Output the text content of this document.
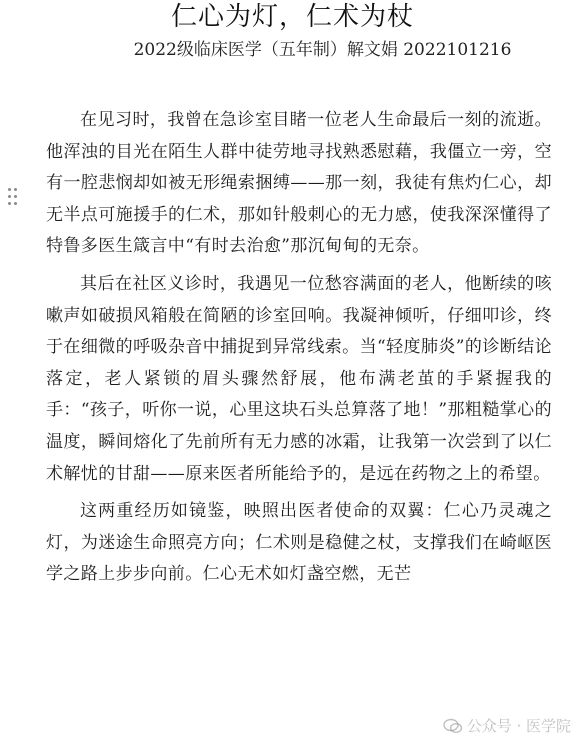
仁心为灯，仁术为杖
2022级临床医学（五年制）解文娟 2022101216

在见习时，我曾在急诊室目睹一位老人生命最后一刻的流逝。他浑浊的目光在陌生人群中徒劳地寻找熟悉慰藉，我僵立一旁，空有一腔悲悯却如被无形绳索捆缚——那一刻，我徒有焦灼仁心，却无半点可施援手的仁术，那如针般刺心的无力感，使我深深懂得了特鲁多医生箴言中“有时去治愈”那沉甸甸的无奈。

其后在社区义诊时，我遇见一位愁容满面的老人，他断续的咳嗽声如破损风箱般在简陋的诊室回响。我凝神倾听，仔细叩诊，终于在细微的呼吸杂音中捕捉到异常线索。当“轻度肺炎”的诊断结论落定，老人紧锁的眉头骤然舒展，他布满老茧的手紧握我的手：“孩子，听你一说，心里这块石头总算落了地！”那粗糙掌心的温度，瞬间熔化了先前所有无力感的冰霜，让我第一次尝到了以仁术解忧的甘甜——原来医者所能给予的，是远在药物之上的希望。

这两重经历如镜鉴，映照出医者使命的双翼：仁心乃灵魂之灯，为迷途生命照亮方向；仁术则是稳健之杖，支撑我们在崎岖医学之路上步步向前。仁心无术如灯盏空燃，无芒

公众号 · 医学院
